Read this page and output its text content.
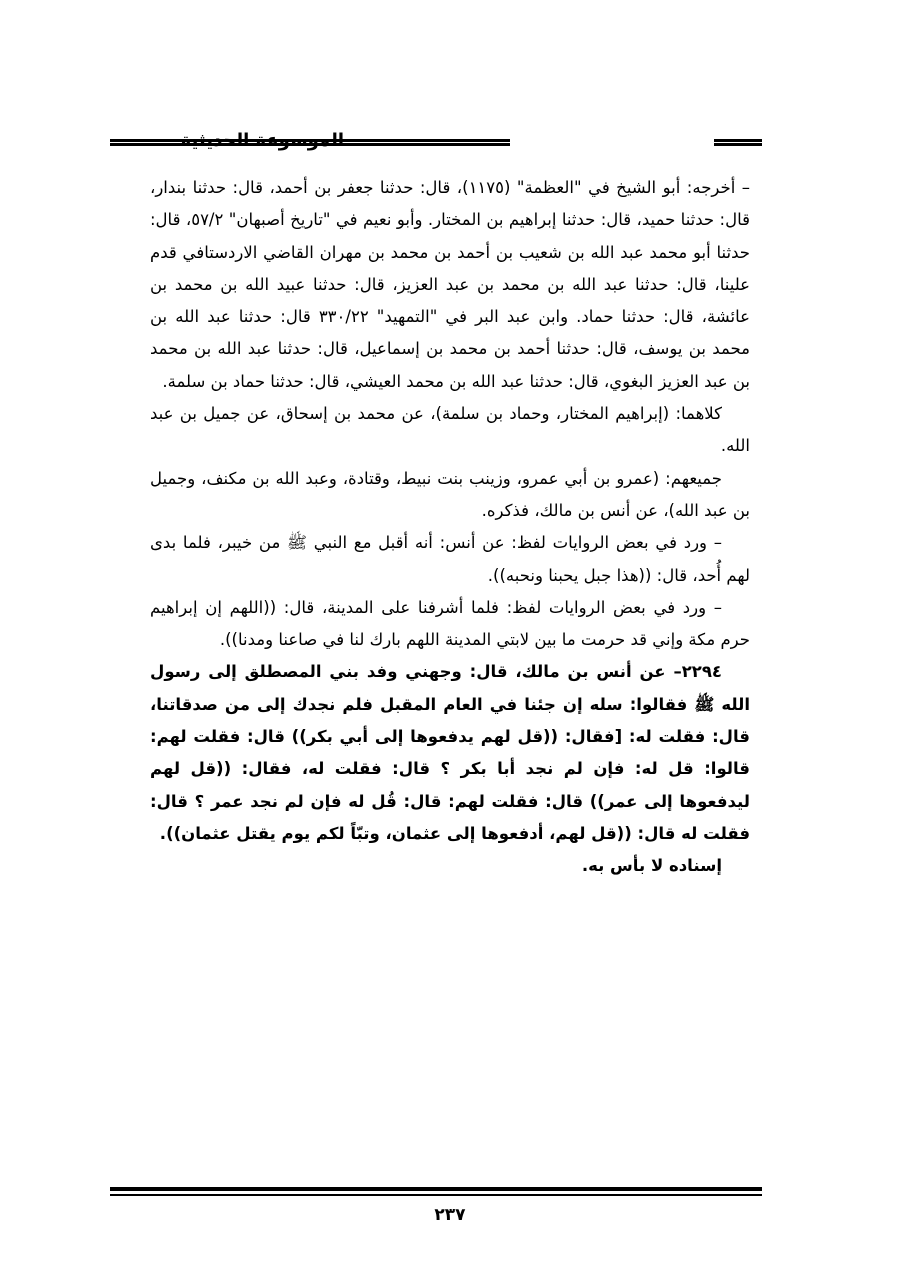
الموسوعة الحديثية

– أخرجه: أبو الشيخ في "العظمة" (١١٧٥)، قال: حدثنا جعفر بن أحمد، قال: حدثنا بندار، قال: حدثنا حميد، قال: حدثنا إبراهيم بن المختار. وأبو نعيم في "تاريخ أصبهان" ٥٧/٢، قال: حدثنا أبو محمد عبد الله بن شعيب بن أحمد بن محمد بن مهران القاضي الاردستافي قدم علينا، قال: حدثنا عبد الله بن محمد بن عبد العزيز، قال: حدثنا عبيد الله بن محمد بن عائشة، قال: حدثنا حماد. وابن عبد البر في "التمهيد" ٣٣٠/٢٢ قال: حدثنا عبد الله بن محمد بن يوسف، قال: حدثنا أحمد بن محمد بن إسماعيل، قال: حدثنا عبد الله بن محمد بن عبد العزيز البغوي، قال: حدثنا عبد الله بن محمد العيشي، قال: حدثنا حماد بن سلمة.

كلاهما: (إبراهيم المختار، وحماد بن سلمة)، عن محمد بن إسحاق، عن جميل بن عبد الله.

جميعهم: (عمرو بن أبي عمرو، وزينب بنت نبيط، وقتادة، وعبد الله بن مكنف، وجميل بن عبد الله)، عن أنس بن مالك، فذكره.

– ورد في بعض الروايات لفظ: عن أنس: أنه أقبل مع النبي ﷺ من خيبر، فلما بدى لهم أُحد، قال: ((هذا جبل يحبنا ونحبه)).

– ورد في بعض الروايات لفظ: فلما أشرفنا على المدينة، قال: ((اللهم إن إبراهيم حرم مكة وإني قد حرمت ما بين لابتي المدينة اللهم بارك لنا في صاعنا ومدنا)).

٢٢٩٤– عن أنس بن مالك، قال: وجهني وفد بني المصطلق إلى رسول الله ﷺ فقالوا: سله إن جئنا في العام المقبل فلم نجدك إلى من صدقاتنا، قال: فقلت له: [فقال: ((قل لهم يدفعوها إلى أبي بكر)) قال: فقلت لهم: قالوا: قل له: فإن لم نجد أبا بكر ؟ قال: فقلت له، فقال: ((قل لهم ليدفعوها إلى عمر)) قال: فقلت لهم: قال: قُل له فإن لم نجد عمر ؟ قال: فقلت له قال: ((قل لهم، أدفعوها إلى عثمان، وتبّاً لكم يوم يقتل عثمان)).

إسناده لا بأس به.

٢٣٧
